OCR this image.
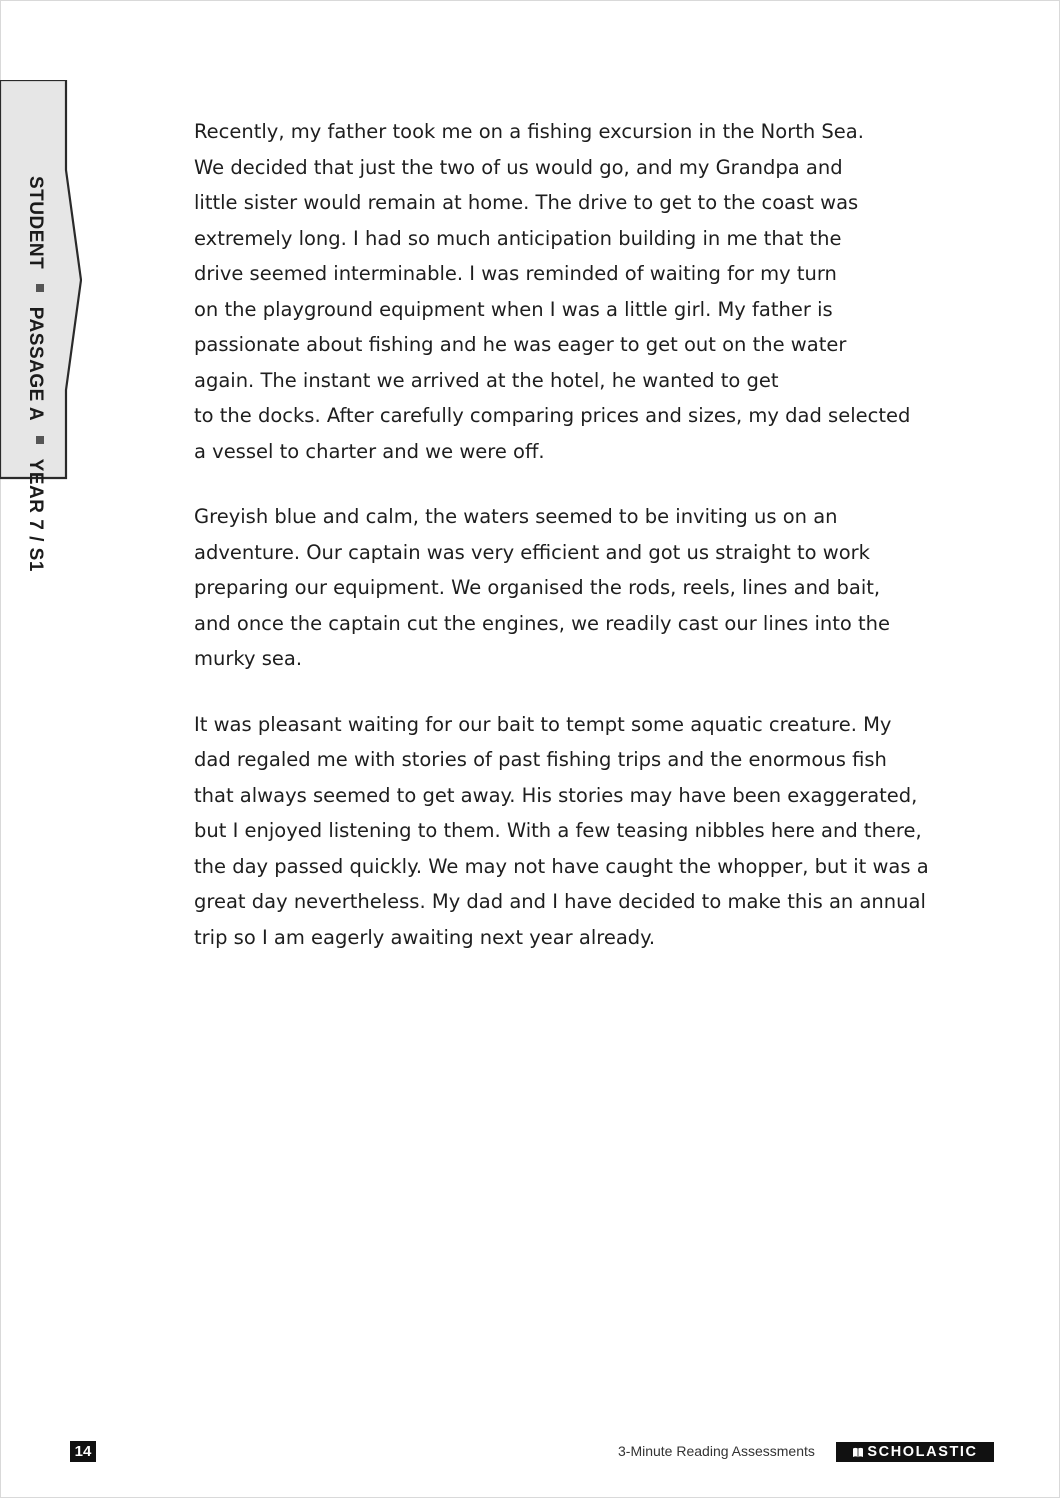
STUDENT  PASSAGE A  YEAR 7 / S1

Recently, my father took me on a fishing excursion in the North Sea.
We decided that just the two of us would go, and my Grandpa and
little sister would remain at home. The drive to get to the coast was
extremely long. I had so much anticipation building in me that the
drive seemed interminable. I was reminded of waiting for my turn
on the playground equipment when I was a little girl. My father is
passionate about fishing and he was eager to get out on the water
again. The instant we arrived at the hotel, he wanted to get
to the docks. After carefully comparing prices and sizes, my dad selected
a vessel to charter and we were off.

Greyish blue and calm, the waters seemed to be inviting us on an
adventure. Our captain was very efficient and got us straight to work
preparing our equipment. We organised the rods, reels, lines and bait,
and once the captain cut the engines, we readily cast our lines into the
murky sea.

It was pleasant waiting for our bait to tempt some aquatic creature. My
dad regaled me with stories of past fishing trips and the enormous fish
that always seemed to get away. His stories may have been exaggerated,
but I enjoyed listening to them. With a few teasing nibbles here and there,
the day passed quickly. We may not have caught the whopper, but it was a
great day nevertheless. My dad and I have decided to make this an annual
trip so I am eagerly awaiting next year already.

14	3-Minute Reading Assessments	SCHOLASTIC
